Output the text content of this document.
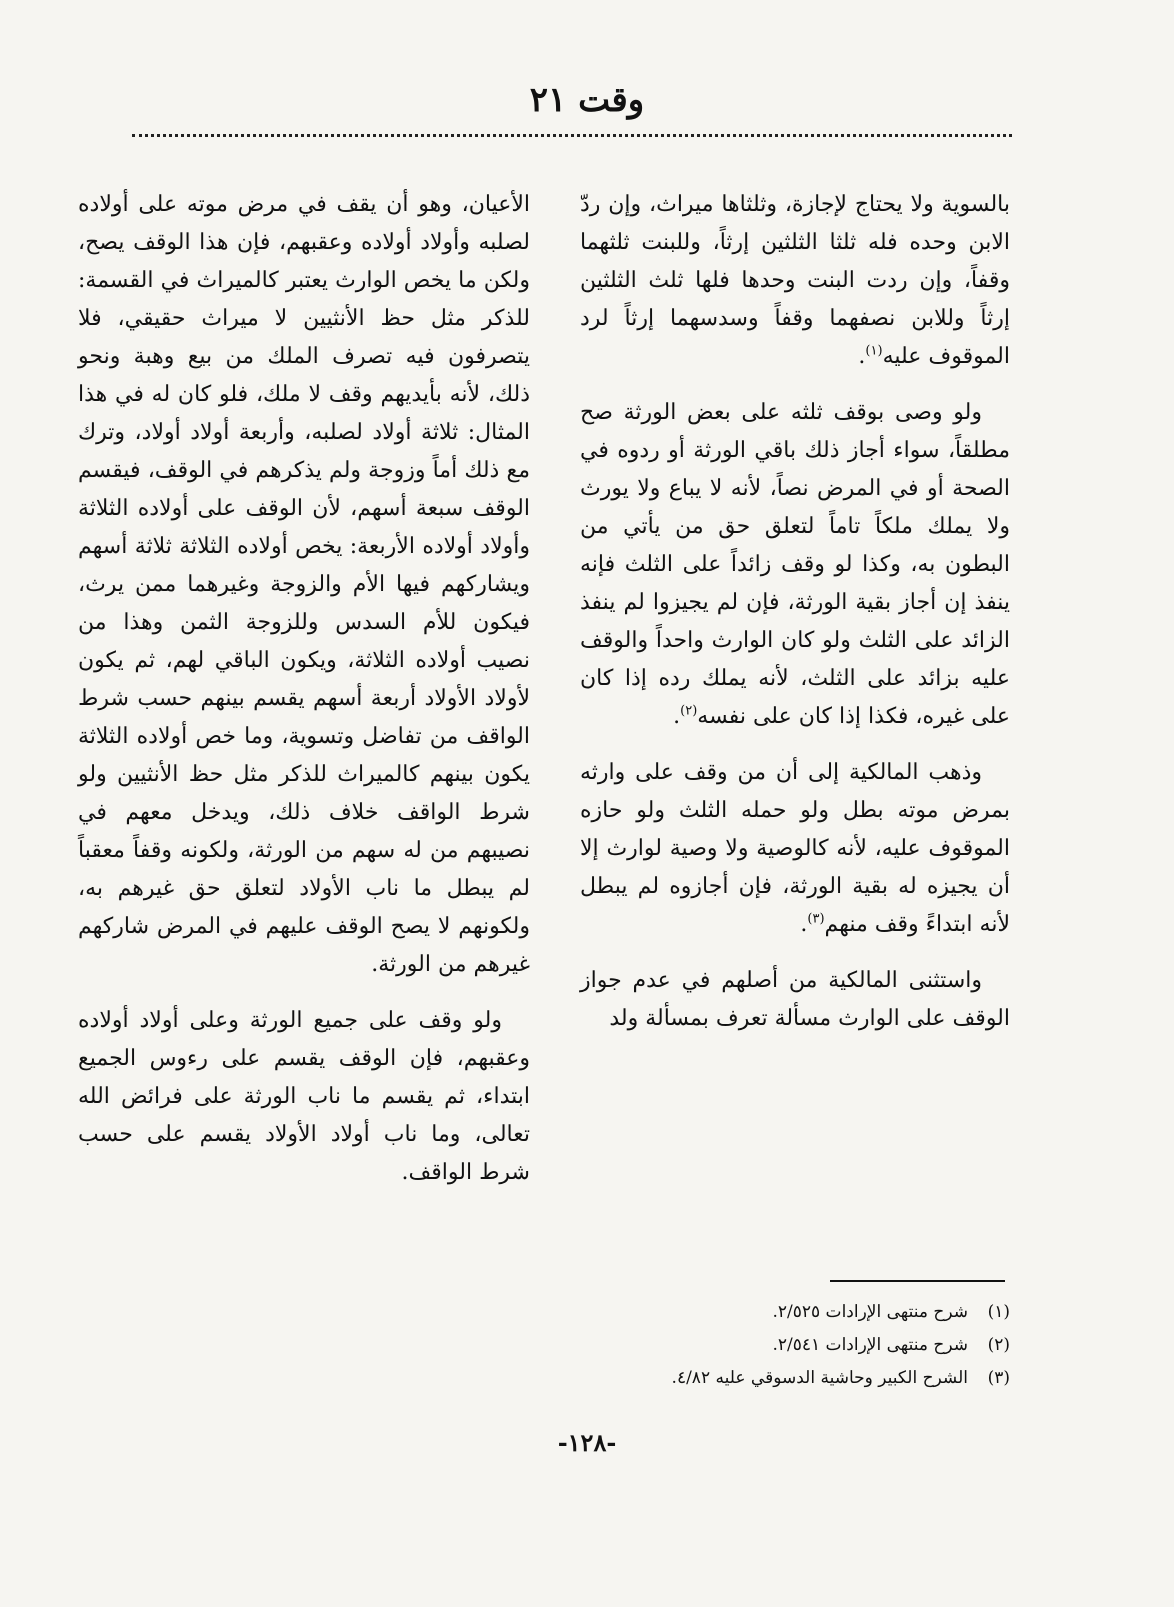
وقت ٢١

بالسوية ولا يحتاج لإجازة، وثلثاها ميراث، وإن ردّ الابن وحده فله ثلثا الثلثين إرثاً، وللبنت ثلثهما وقفاً، وإن ردت البنت وحدها فلها ثلث الثلثين إرثاً وللابن نصفهما وقفاً وسدسهما إرثاً لرد الموقوف عليه$^{(١)}$.

ولو وصى بوقف ثلثه على بعض الورثة صح مطلقاً، سواء أجاز ذلك باقي الورثة أو ردوه في الصحة أو في المرض نصاً، لأنه لا يباع ولا يورث ولا يملك ملكاً تاماً لتعلق حق من يأتي من البطون به، وكذا لو وقف زائداً على الثلث فإنه ينفذ إن أجاز بقية الورثة، فإن لم يجيزوا لم ينفذ الزائد على الثلث ولو كان الوارث واحداً والوقف عليه بزائد على الثلث، لأنه يملك رده إذا كان على غيره، فكذا إذا كان على نفسه$^{(٢)}$.

وذهب المالكية إلى أن من وقف على وارثه بمرض موته بطل ولو حمله الثلث ولو حازه الموقوف عليه، لأنه كالوصية ولا وصية لوارث إلا أن يجيزه له بقية الورثة، فإن أجازوه لم يبطل لأنه ابتداءً وقف منهم$^{(٣)}$.

واستثنى المالكية من أصلهم في عدم جواز الوقف على الوارث مسألة تعرف بمسألة ولد

الأعيان، وهو أن يقف في مرض موته على أولاده لصلبه وأولاد أولاده وعقبهم، فإن هذا الوقف يصح، ولكن ما يخص الوارث يعتبر كالميراث في القسمة: للذكر مثل حظ الأنثيين لا ميراث حقيقي، فلا يتصرفون فيه تصرف الملك من بيع وهبة ونحو ذلك، لأنه بأيديهم وقف لا ملك، فلو كان له في هذا المثال: ثلاثة أولاد لصلبه، وأربعة أولاد أولاد، وترك مع ذلك أماً وزوجة ولم يذكرهم في الوقف، فيقسم الوقف سبعة أسهم، لأن الوقف على أولاده الثلاثة وأولاد أولاده الأربعة: يخص أولاده الثلاثة ثلاثة أسهم ويشاركهم فيها الأم والزوجة وغيرهما ممن يرث، فيكون للأم السدس وللزوجة الثمن وهذا من نصيب أولاده الثلاثة، ويكون الباقي لهم، ثم يكون لأولاد الأولاد أربعة أسهم يقسم بينهم حسب شرط الواقف من تفاضل وتسوية، وما خص أولاده الثلاثة يكون بينهم كالميراث للذكر مثل حظ الأنثيين ولو شرط الواقف خلاف ذلك، ويدخل معهم في نصيبهم من له سهم من الورثة، ولكونه وقفاً معقباً لم يبطل ما ناب الأولاد لتعلق حق غيرهم به، ولكونهم لا يصح الوقف عليهم في المرض شاركهم غيرهم من الورثة.

ولو وقف على جميع الورثة وعلى أولاد أولاده وعقبهم، فإن الوقف يقسم على رءوس الجميع ابتداء، ثم يقسم ما ناب الورثة على فرائض الله تعالى، وما ناب أولاد الأولاد يقسم على حسب شرط الواقف.

(١)
شرح منتهى الإرادات ٢/٥٢٥.
(٢)
شرح منتهى الإرادات ٢/٥٤١.
(٣)
الشرح الكبير وحاشية الدسوقي عليه ٤/٨٢.
-١٢٨-
